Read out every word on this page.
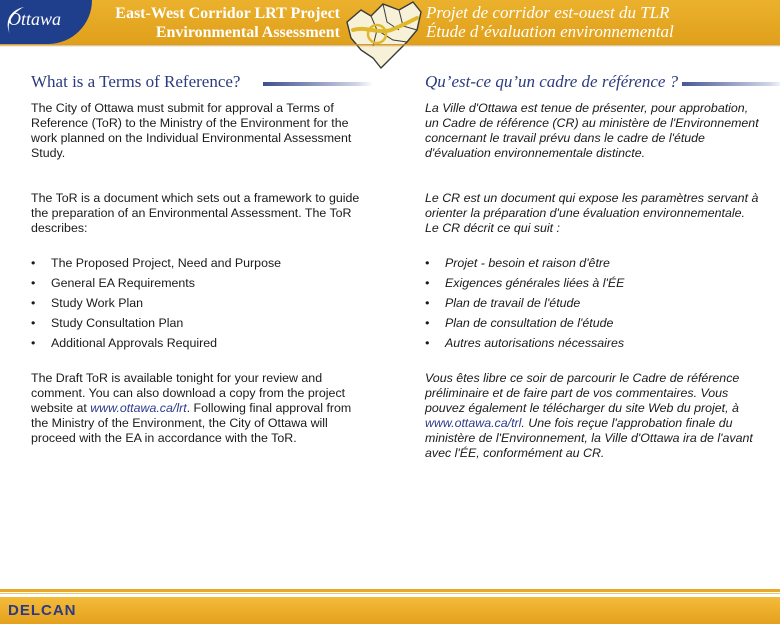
Ottawa	East-West Corridor LRT Project
Environmental Assessment
Projet de corridor est-ouest du TLR
Étude d’évaluation environnemental
What is a Terms of Reference?

The City of Ottawa must submit for approval a Terms of Reference (ToR) to the Ministry of the Environment for the work planned on the Individual Environmental Assessment Study.

The ToR is a document which sets out a framework to guide the preparation of an Environmental Assessment. The ToR describes:

• The Proposed Project, Need and Purpose
• General EA Requirements
• Study Work Plan
• Study Consultation Plan
• Additional Approvals Required

The Draft ToR is available tonight for your review and comment. You can also download a copy from the project website at www.ottawa.ca/lrt. Following final approval from the Ministry of the Environment, the City of Ottawa will proceed with the EA in accordance with the ToR.

Qu’est-ce qu’un cadre de référence ?

La Ville d'Ottawa est tenue de présenter, pour approbation, un Cadre de référence (CR) au ministère de l'Environnement concernant le travail prévu dans le cadre de l'étude d'évaluation environnementale distincte.

Le CR est un document qui expose les paramètres servant à orienter la préparation d'une évaluation environnementale. Le CR décrit ce qui suit :

• Projet - besoin et raison d'être
• Exigences générales liées à l'ÉE
• Plan de travail de l'étude
• Plan de consultation de l'étude
• Autres autorisations nécessaires

Vous êtes libre ce soir de parcourir le Cadre de référence préliminaire et de faire part de vos commentaires. Vous pouvez également le télécharger du site Web du projet, à www.ottawa.ca/trl. Une fois reçue l'approbation finale du ministère de l'Environnement, la Ville d'Ottawa ira de l'avant avec l'ÉE, conformément au CR.

DELCAN
